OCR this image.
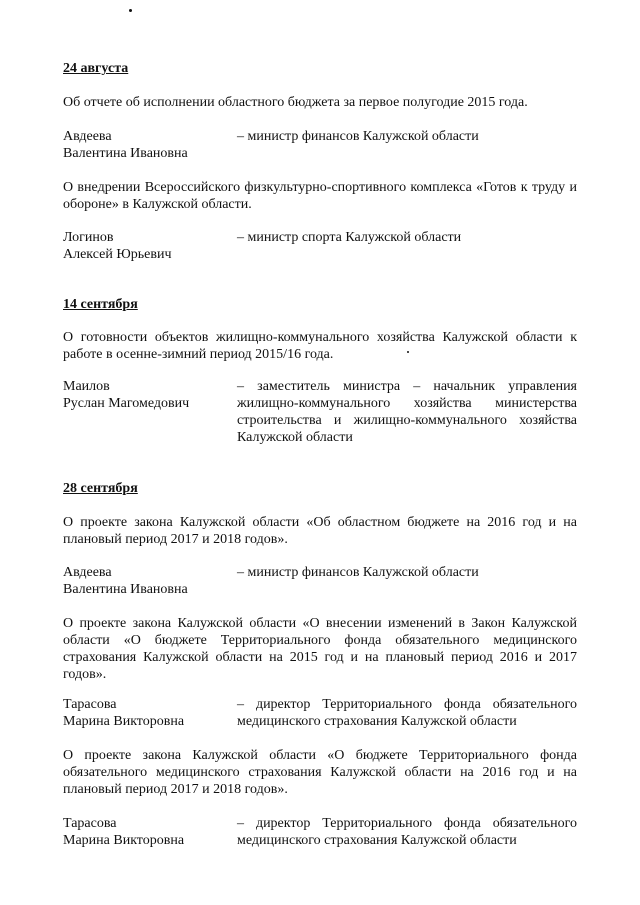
24 августа
Об отчете об исполнении областного бюджета за первое полугодие 2015 года.
Авдеева
Валентина Ивановна
– министр финансов Калужской области
О внедрении Всероссийского физкультурно-спортивного комплекса «Готов к труду и обороне» в Калужской области.
Логинов
Алексей Юрьевич
– министр спорта Калужской области
14 сентября
О готовности объектов жилищно-коммунального хозяйства Калужской области к работе в осенне-зимний период 2015/16 года.
Маилов
Руслан Магомедович
– заместитель министра – начальник управления жилищно-коммунального хозяйства министерства строительства и жилищно-коммунального хозяйства Калужской области
28 сентября
О проекте закона Калужской области «Об областном бюджете на 2016 год и на плановый период 2017 и 2018 годов».
Авдеева
Валентина Ивановна
– министр финансов Калужской области
О проекте закона Калужской области «О внесении изменений в Закон Калужской области «О бюджете Территориального фонда обязательного медицинского страхования Калужской области на 2015 год и на плановый период 2016 и 2017 годов».
Тарасова
Марина Викторовна
– директор Территориального фонда обязательного медицинского страхования Калужской области
О проекте закона Калужской области «О бюджете Территориального фонда обязательного медицинского страхования Калужской области на 2016 год и на плановый период 2017 и 2018 годов».
Тарасова
Марина Викторовна
– директор Территориального фонда обязательного медицинского страхования Калужской области
